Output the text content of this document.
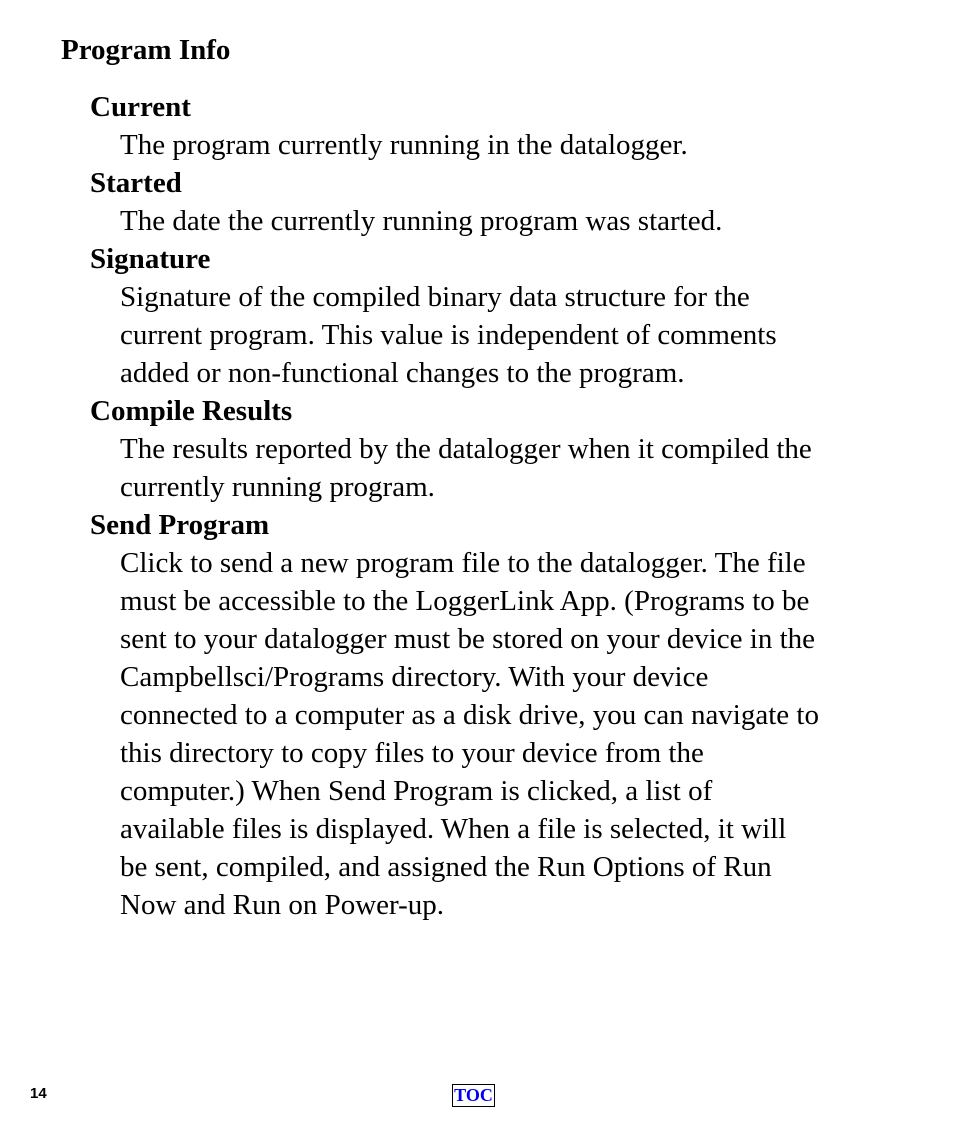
Program Info
Current
The program currently running in the datalogger.
Started
The date the currently running program was started.
Signature
Signature of the compiled binary data structure for the
current program. This value is independent of comments
added or non-functional changes to the program.
Compile Results
The results reported by the datalogger when it compiled the
currently running program.
Send Program
Click to send a new program file to the datalogger. The file
must be accessible to the LoggerLink App. (Programs to be
sent to your datalogger must be stored on your device in the
Campbellsci/Programs directory. With your device
connected to a computer as a disk drive, you can navigate to
this directory to copy files to your device from the
computer.) When Send Program is clicked, a list of
available files is displayed. When a file is selected, it will
be sent, compiled, and assigned the Run Options of Run
Now and Run on Power-up.
14	TOC
